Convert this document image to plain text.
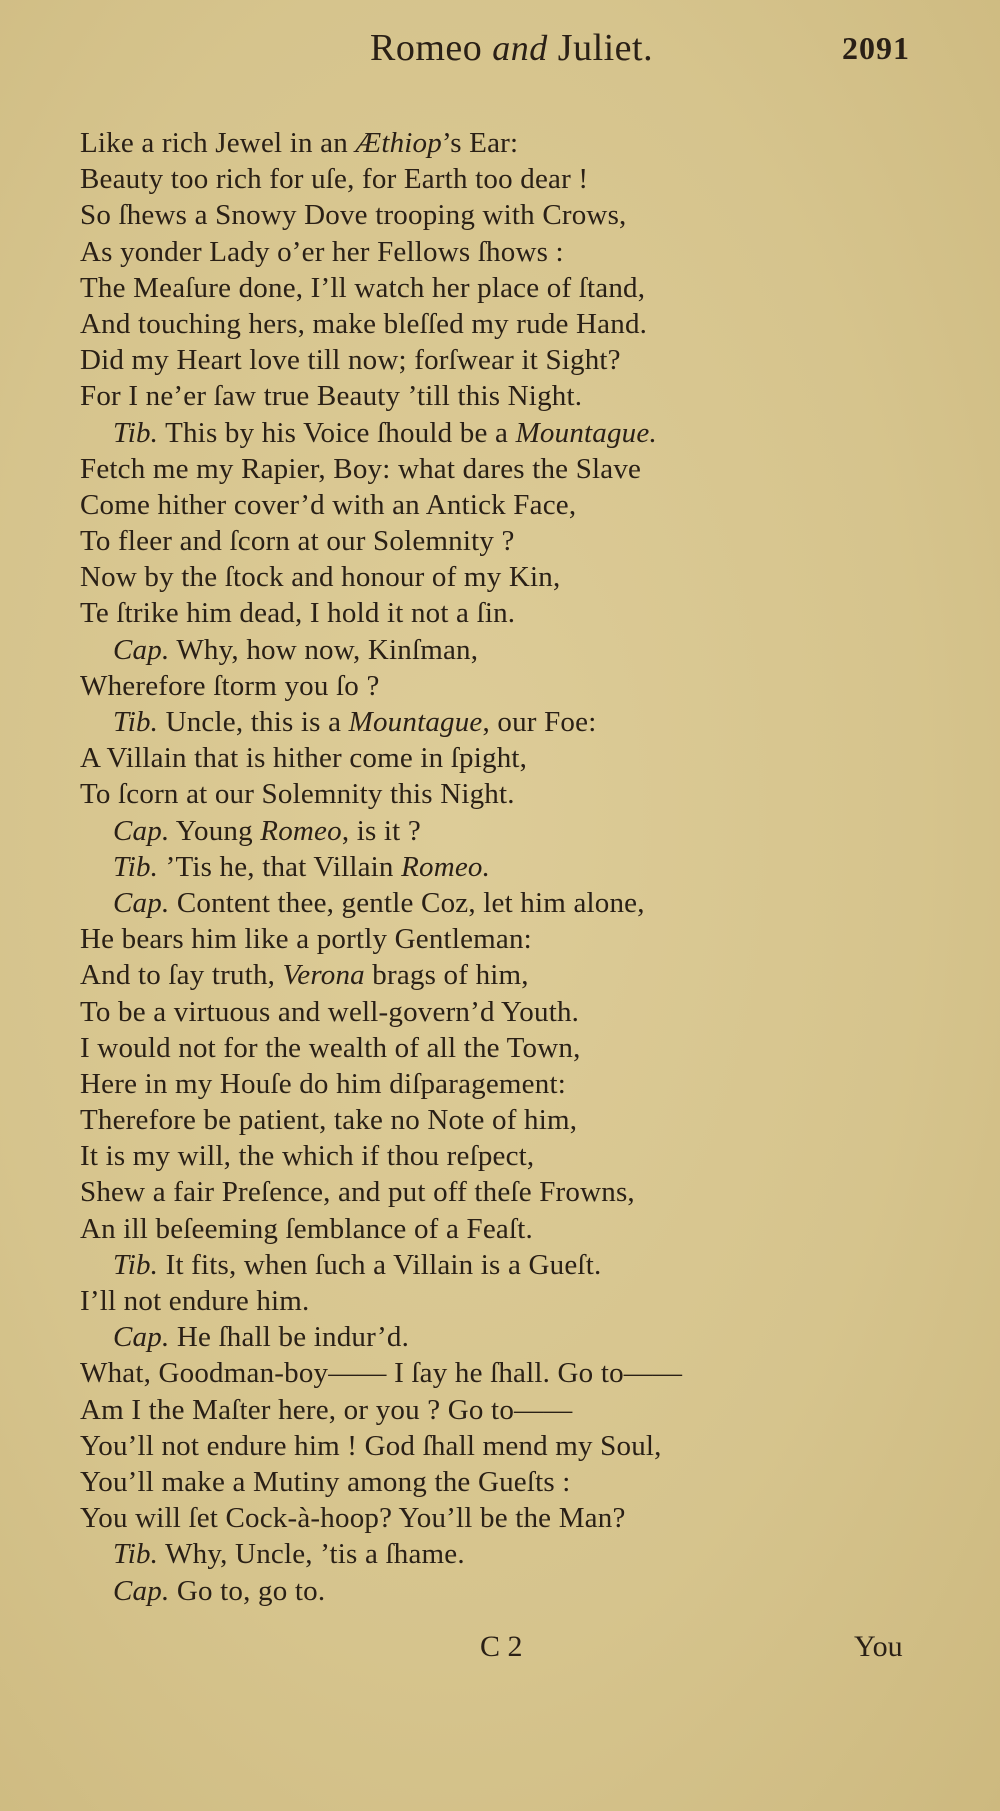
Romeo and Juliet.	2091
Like a rich Jewel in an Æthiop’s Ear:
Beauty too rich for uſe, for Earth too dear !
So ſhews a Snowy Dove trooping with Crows,
As yonder Lady o’er her Fellows ſhows :
The Meaſure done, I’ll watch her place of ſtand,
And touching hers, make bleſſed my rude Hand.
Did my Heart love till now; forſwear it Sight?
For I ne’er ſaw true Beauty ’till this Night.
Tib. This by his Voice ſhould be a Mountague.
Fetch me my Rapier, Boy: what dares the Slave
Come hither cover’d with an Antick Face,
To fleer and ſcorn at our Solemnity ?
Now by the ſtock and honour of my Kin,
Te ſtrike him dead, I hold it not a ſin.
Cap. Why, how now, Kinſman,
Wherefore ſtorm you ſo ?
Tib. Uncle, this is a Mountague, our Foe:
A Villain that is hither come in ſpight,
To ſcorn at our Solemnity this Night.
Cap. Young Romeo, is it ?
Tib. ’Tis he, that Villain Romeo.
Cap. Content thee, gentle Coz, let him alone,
He bears him like a portly Gentleman:
And to ſay truth, Verona brags of him,
To be a virtuous and well-govern’d Youth.
I would not for the wealth of all the Town,
Here in my Houſe do him diſparagement:
Therefore be patient, take no Note of him,
It is my will, the which if thou reſpect,
Shew a fair Preſence, and put off theſe Frowns,
An ill beſeeming ſemblance of a Feaſt.
Tib. It fits, when ſuch a Villain is a Gueſt.
I’ll not endure him.
Cap. He ſhall be indur’d.
What, Goodman-boy—— I ſay he ſhall. Go to——
Am I the Maſter here, or you ? Go to——
You’ll not endure him ! God ſhall mend my Soul,
You’ll make a Mutiny among the Gueſts :
You will ſet Cock-à-hoop? You’ll be the Man?
Tib. Why, Uncle, ’tis a ſhame.
Cap. Go to, go to.
C 2	You
